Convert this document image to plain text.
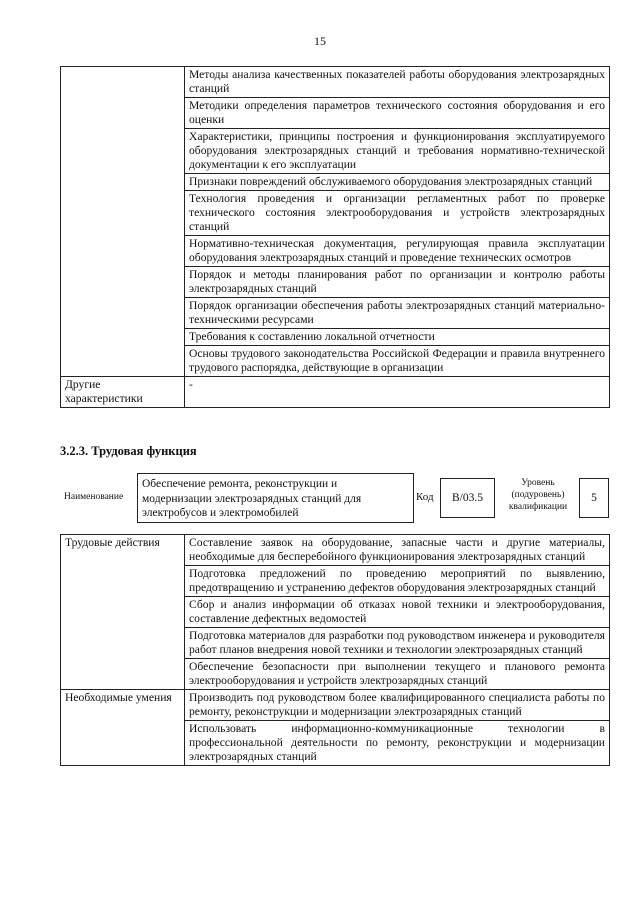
15
	Методы анализа качественных показателей работы оборудования электрозарядных станций
	Методики определения параметров технического состояния оборудования и его оценки
	Характеристики, принципы построения и функционирования эксплуатируемого оборудования электрозарядных станций и требования нормативно-технической документации к его эксплуатации
	Признаки повреждений обслуживаемого оборудования электрозарядных станций
	Технология проведения и организации регламентных работ по проверке технического состояния электрооборудования и устройств электрозарядных станций
	Нормативно-техническая документация, регулирующая правила эксплуатации оборудования электрозарядных станций и проведение технических осмотров
	Порядок и методы планирования работ по организации и контролю работы электрозарядных станций
	Порядок организации обеспечения работы электрозарядных станций материально-техническими ресурсами
	Требования к составлению локальной отчетности
	Основы трудового законодательства Российской Федерации и правила внутреннего трудового распорядка, действующие в организации
Другие характеристики	-
3.2.3. Трудовая функция
Наименование
Обеспечение ремонта, реконструкции и модернизации электрозарядных станций для электробусов и электромобилей
Код	В/03.5
Уровень (подуровень) квалификации
5
Трудовые действия	Составление заявок на оборудование, запасные части и другие материалы, необходимые для бесперебойного функционирования электрозарядных станций
	Подготовка предложений по проведению мероприятий по выявлению, предотвращению и устранению дефектов оборудования электрозарядных станций
	Сбор и анализ информации об отказах новой техники и электрооборудования, составление дефектных ведомостей
	Подготовка материалов для разработки под руководством инженера и руководителя работ планов внедрения новой техники и технологии электрозарядных станций
	Обеспечение безопасности при выполнении текущего и планового ремонта электрооборудования и устройств электрозарядных станций
Необходимые умения	Производить под руководством более квалифицированного специалиста работы по ремонту, реконструкции и модернизации электрозарядных станций
	Использовать информационно-коммуникационные технологии в профессиональной деятельности по ремонту, реконструкции и модернизации электрозарядных станций
